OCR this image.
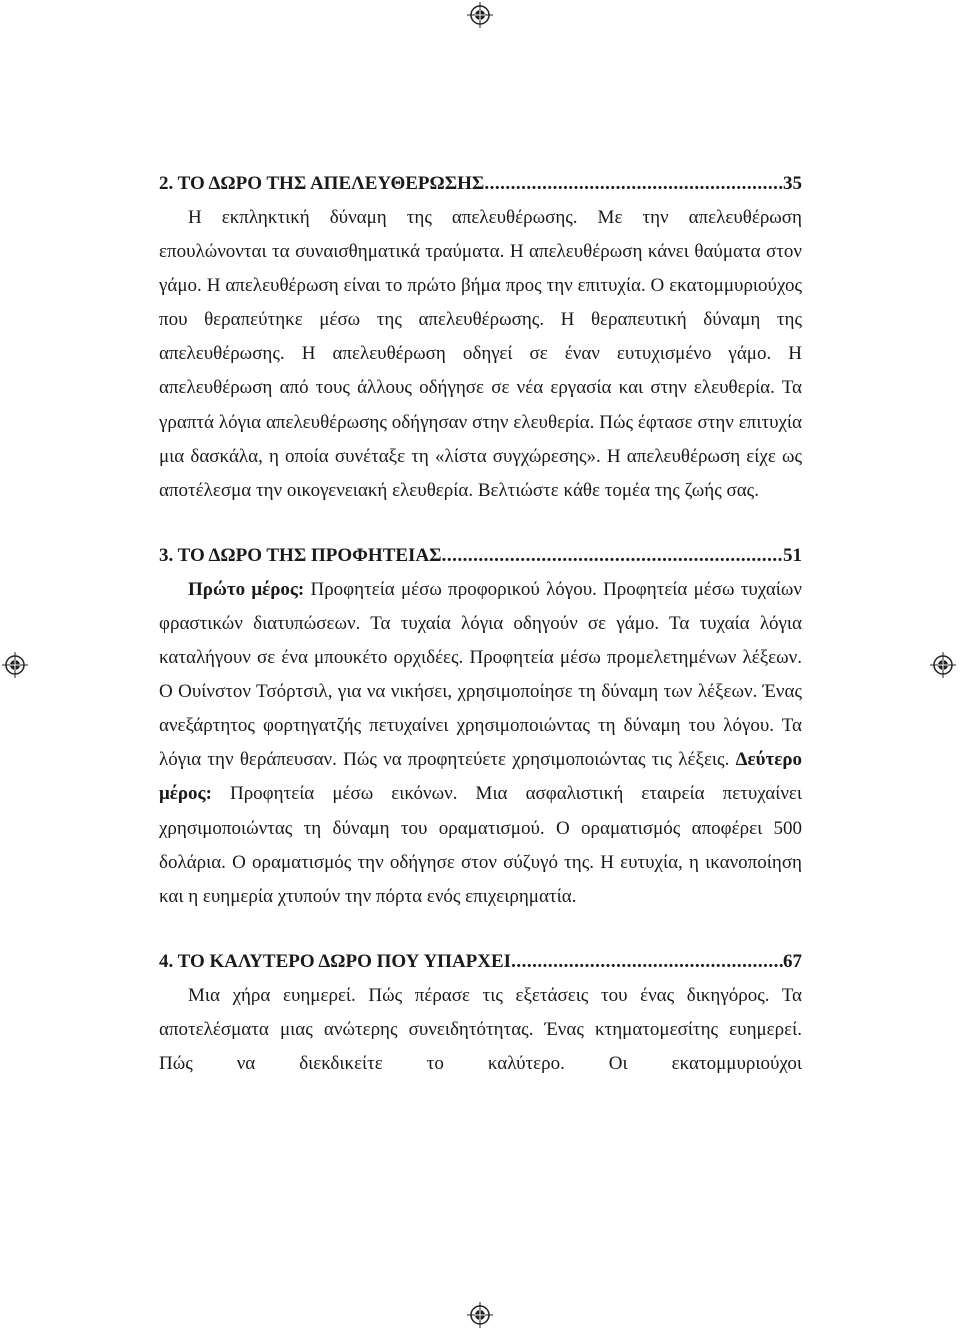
2. ΤΟ ΔΩΡΟ ΤΗΣ ΑΠΕΛΕΥΘΕΡΩΣΗΣ .....	35

Η εκπληκτική δύναμη της απελευθέρωσης. Με την απελευθέρωση επουλώνονται τα συναισθηματικά τραύματα. Η απελευθέρωση κάνει θαύματα στον γάμο. Η απελευθέρωση είναι το πρώτο βήμα προς την επιτυχία. Ο εκατομμυριούχος που θεραπεύτηκε μέσω της απελευθέρωσης. Η θεραπευτική δύναμη της απελευθέρωσης. Η απελευθέρωση οδηγεί σε έναν ευτυχισμένο γάμο. Η απελευθέρωση από τους άλλους οδήγησε σε νέα εργασία και στην ελευθερία. Τα γραπτά λόγια απελευθέρωσης οδήγησαν στην ελευθερία. Πώς έφτασε στην επιτυχία μια δασκάλα, η οποία συνέταξε τη «λίστα συγχώρεσης». Η απελευθέρωση είχε ως αποτέλεσμα την οικογενειακή ελευθερία. Βελτιώστε κάθε τομέα της ζωής σας.

3. ΤΟ ΔΩΡΟ ΤΗΣ ΠΡΟΦΗΤΕΙΑΣ .....	51

Πρώτο μέρος: Προφητεία μέσω προφορικού λόγου. Προφητεία μέσω τυχαίων φραστικών διατυπώσεων. Τα τυχαία λόγια οδηγούν σε γάμο. Τα τυχαία λόγια καταλήγουν σε ένα μπουκέτο ορχιδέες. Προφητεία μέσω προμελετημένων λέξεων. Ο Ουίνστον Τσόρτσιλ, για να νικήσει, χρησιμοποίησε τη δύναμη των λέξεων. Ένας ανεξάρτητος φορτηγατζής πετυχαίνει χρησιμοποιώντας τη δύναμη του λόγου. Τα λόγια την θεράπευσαν. Πώς να προφητεύετε χρησιμοποιώντας τις λέξεις. Δεύτερο μέρος: Προφητεία μέσω εικόνων. Μια ασφαλιστική εταιρεία πετυχαίνει χρησιμοποιώντας τη δύναμη του οραματισμού. Ο οραματισμός αποφέρει 500 δολάρια. Ο οραματισμός την οδήγησε στον σύζυγό της. Η ευτυχία, η ικανοποίηση και η ευημερία χτυπούν την πόρτα ενός επιχειρηματία.

4. ΤΟ ΚΑΛΥΤΕΡΟ ΔΩΡΟ ΠΟΥ ΥΠΑΡΧΕΙ .....	67

Μια χήρα ευημερεί. Πώς πέρασε τις εξετάσεις του ένας δικηγόρος. Τα αποτελέσματα μιας ανώτερης συνειδητότητας. Ένας κτηματομεσίτης ευημερεί. Πώς να διεκδικείτε το καλύτερο. Οι εκατομμυριούχοι
